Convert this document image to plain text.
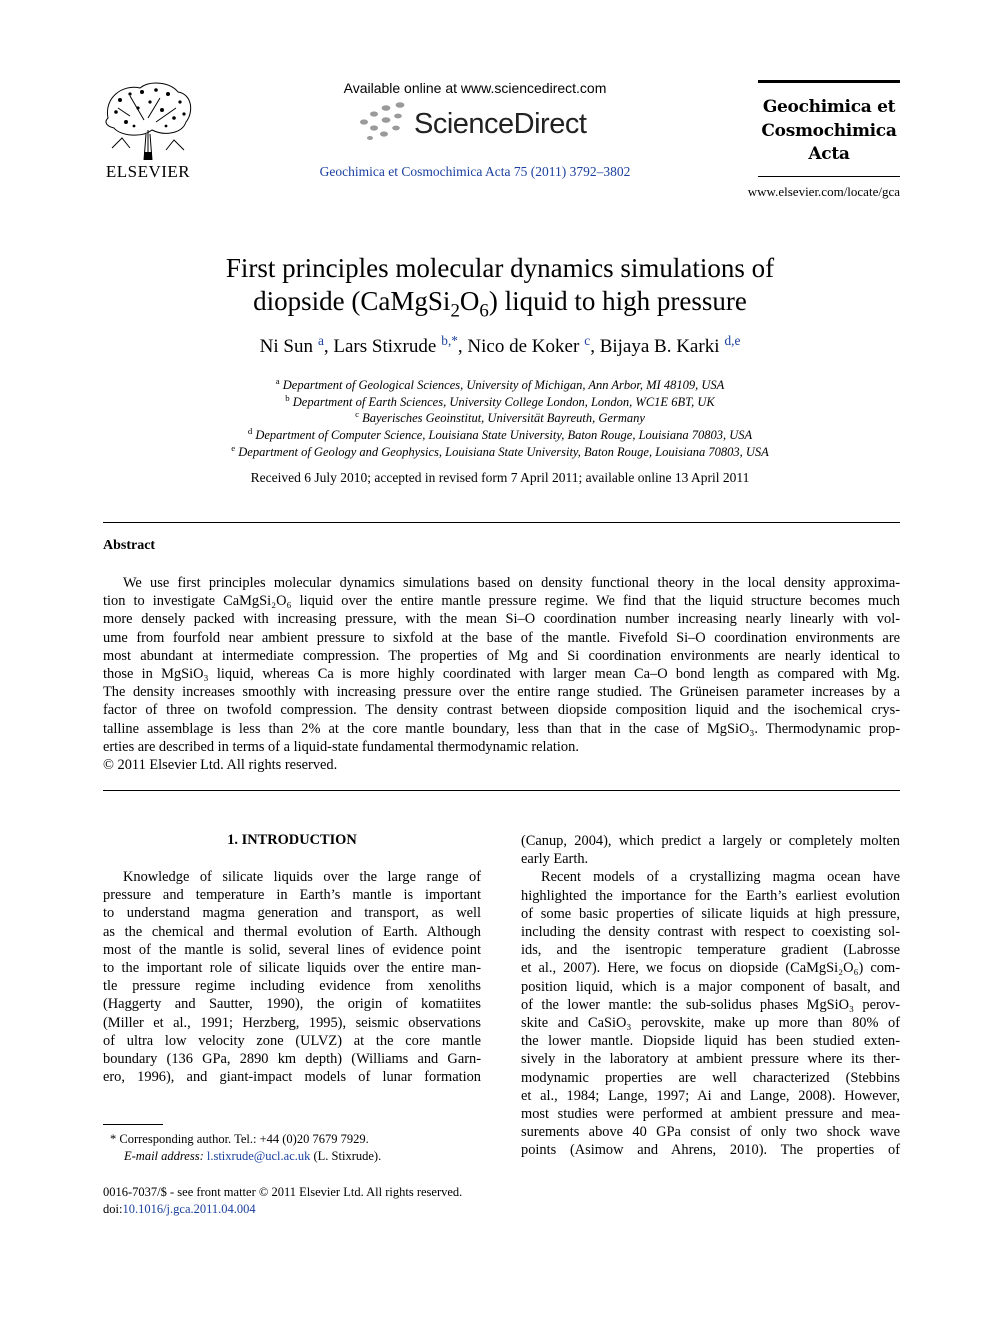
ELSEVIER
Available online at www.sciencedirect.com
ScienceDirect
Geochimica et Cosmochimica Acta 75 (2011) 3792–3802
Geochimica et
Cosmochimica
Acta
www.elsevier.com/locate/gca
First principles molecular dynamics simulations of
diopside $(CaMgSi_2O_6)$ liquid to high pressure
Ni Sun $^a$, Lars Stixrude $^{b,*}$, Nico de Koker $^c$, Bijaya B. Karki $^{d,e}$
$^a$ Department of Geological Sciences, University of Michigan, Ann Arbor, MI 48109, USA
$^b$ Department of Earth Sciences, University College London, London, WC1E 6BT, UK
$^c$ Bayerisches Geoinstitut, Universität Bayreuth, Germany
$^d$ Department of Computer Science, Louisiana State University, Baton Rouge, Louisiana 70803, USA
$^e$ Department of Geology and Geophysics, Louisiana State University, Baton Rouge, Louisiana 70803, USA
Received 6 July 2010; accepted in revised form 7 April 2011; available online 13 April 2011
Abstract
We use first principles molecular dynamics simulations based on density functional theory in the local density approxima-
tion to investigate CaMgSi₂O₆ liquid over the entire mantle pressure regime. We find that the liquid structure becomes much
more densely packed with increasing pressure, with the mean Si–O coordination number increasing nearly linearly with vol-
ume from fourfold near ambient pressure to sixfold at the base of the mantle. Fivefold Si–O coordination environments are
most abundant at intermediate compression. The properties of Mg and Si coordination environments are nearly identical to
those in MgSiO₃ liquid, whereas Ca is more highly coordinated with larger mean Ca–O bond length as compared with Mg.
The density increases smoothly with increasing pressure over the entire range studied. The Grüneisen parameter increases by a
factor of three on twofold compression. The density contrast between diopside composition liquid and the isochemical crys-
talline assemblage is less than 2% at the core mantle boundary, less than that in the case of MgSiO₃. Thermodynamic prop-
erties are described in terms of a liquid-state fundamental thermodynamic relation.
© 2011 Elsevier Ltd. All rights reserved.
1. INTRODUCTION
Knowledge of silicate liquids over the large range of
pressure and temperature in Earth’s mantle is important
to understand magma generation and transport, as well
as the chemical and thermal evolution of Earth. Although
most of the mantle is solid, several lines of evidence point
to the important role of silicate liquids over the entire man-
tle pressure regime including evidence from xenoliths
(Haggerty and Sautter, 1990), the origin of komatiites
(Miller et al., 1991; Herzberg, 1995), seismic observations
of ultra low velocity zone (ULVZ) at the core mantle
boundary (136 GPa, 2890 km depth) (Williams and Garn-
ero, 1996), and giant-impact models of lunar formation
(Canup, 2004), which predict a largely or completely molten
early Earth.
Recent models of a crystallizing magma ocean have
highlighted the importance for the Earth’s earliest evolution
of some basic properties of silicate liquids at high pressure,
including the density contrast with respect to coexisting sol-
ids, and the isentropic temperature gradient (Labrosse
et al., 2007). Here, we focus on diopside (CaMgSi₂O₆) com-
position liquid, which is a major component of basalt, and
of the lower mantle: the sub-solidus phases MgSiO₃ perov-
skite and CaSiO₃ perovskite, make up more than 80% of
the lower mantle. Diopside liquid has been studied exten-
sively in the laboratory at ambient pressure where its ther-
modynamic properties are well characterized (Stebbins
et al., 1984; Lange, 1997; Ai and Lange, 2008). However,
most studies were performed at ambient pressure and mea-
surements above 40 GPa consist of only two shock wave
points (Asimow and Ahrens, 2010). The properties of
* Corresponding author. Tel.: +44 (0)20 7679 7929.
E-mail address: l.stixrude@ucl.ac.uk (L. Stixrude).
0016-7037/$ - see front matter © 2011 Elsevier Ltd. All rights reserved.
doi:10.1016/j.gca.2011.04.004
